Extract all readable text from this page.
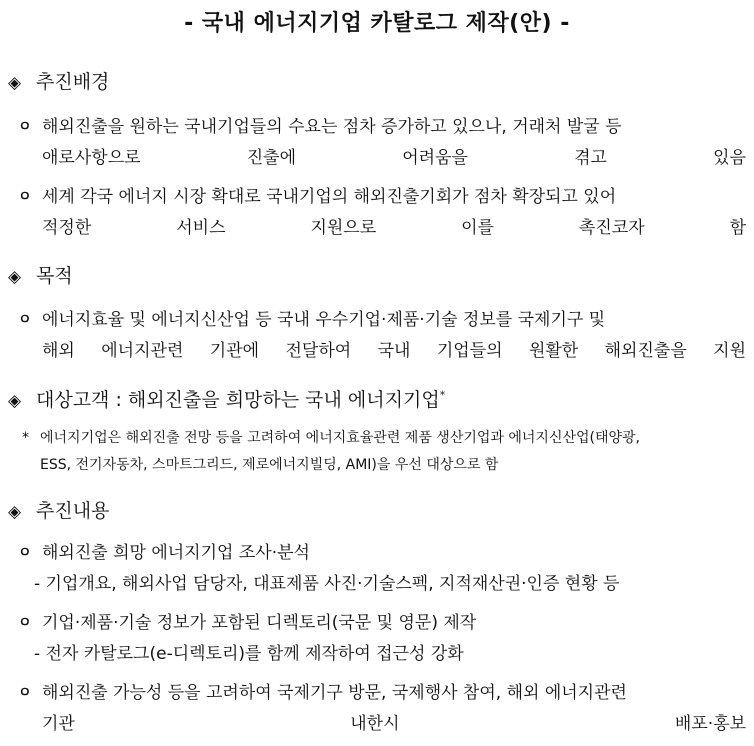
- 국내 에너지기업 카탈로그 제작(안) -
◈ 추진배경
ㅇ 해외진출을 원하는 국내기업들의 수요는 점차 증가하고 있으나, 거래처 발굴 등
애로사항으로 진출에 어려움을 겪고 있음
ㅇ 세계 각국 에너지 시장 확대로 국내기업의 해외진출기회가 점차 확장되고 있어
적정한 서비스 지원으로 이를 촉진코자 함
◈ 목적
ㅇ 에너지효율 및 에너지신산업 등 국내 우수기업·제품·기술 정보를 국제기구 및
해외 에너지관련 기관에 전달하여 국내 기업들의 원활한 해외진출을 지원
◈ 대상고객 : 해외진출을 희망하는 국내 에너지기업*
* 에너지기업은 해외진출 전망 등을 고려하여 에너지효율관련 제품 생산기업과 에너지신산업(태양광,
ESS, 전기자동차, 스마트그리드, 제로에너지빌딩, AMI)을 우선 대상으로 함
◈ 추진내용
ㅇ 해외진출 희망 에너지기업 조사·분석
- 기업개요, 해외사업 담당자, 대표제품 사진·기술스펙, 지적재산권·인증 현황 등
ㅇ 기업·제품·기술 정보가 포함된 디렉토리(국문 및 영문) 제작
- 전자 카탈로그(e-디렉토리)를 함께 제작하여 접근성 강화
ㅇ 해외진출 가능성 등을 고려하여 국제기구 방문, 국제행사 참여, 해외 에너지관련
기관 내한시 배포·홍보
